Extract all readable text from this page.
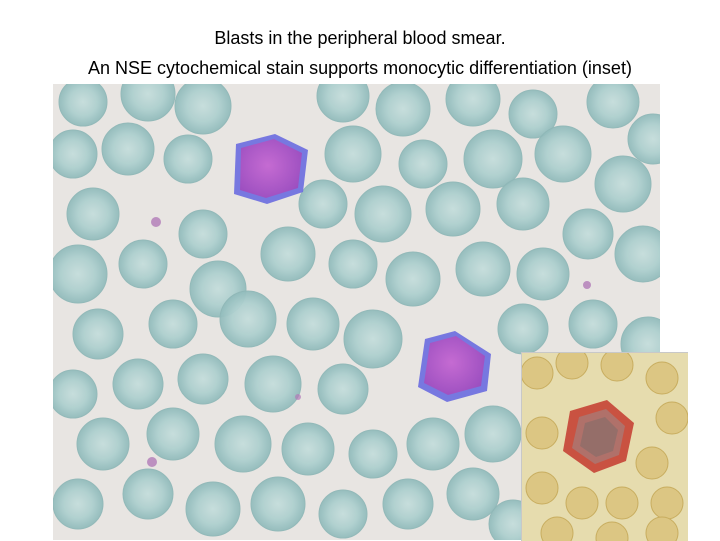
Blasts in the peripheral blood smear.
An NSE cytochemical stain supports monocytic differentiation (inset)
